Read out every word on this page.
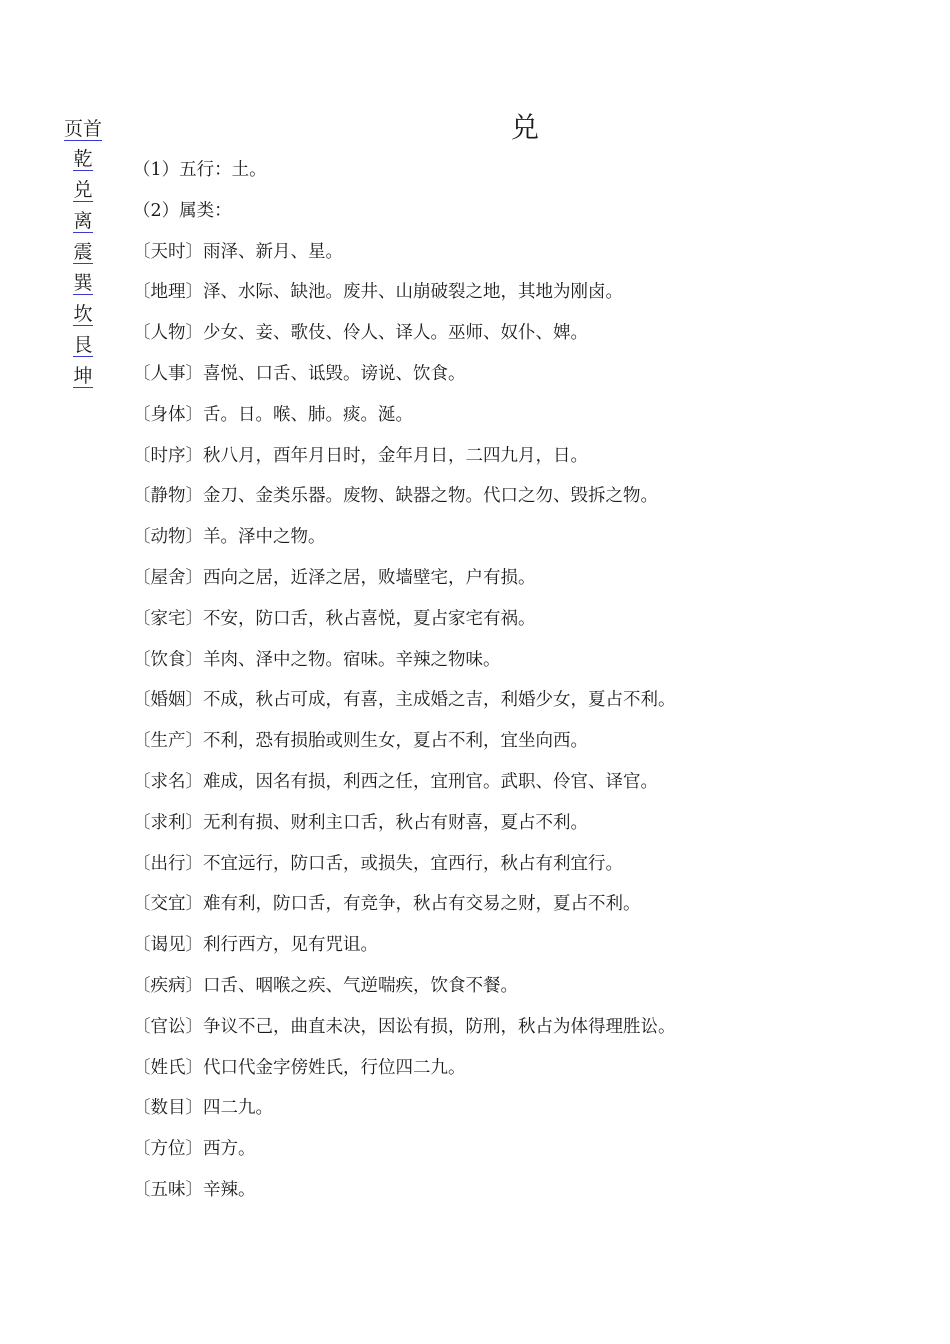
页首
乾
兑
离
震
巽
坎
艮
坤
兑
（1）五行：土。
（2）属类：
〔天时〕雨泽、新月、星。
〔地理〕泽、水际、缺池。废井、山崩破裂之地，其地为刚卤。
〔人物〕少女、妾、歌伎、伶人、译人。巫师、奴仆、婢。
〔人事〕喜悦、口舌、诋毁。谤说、饮食。
〔身体〕舌。日。喉、肺。痰。涎。
〔时序〕秋八月，酉年月日时，金年月日，二四九月，日。
〔静物〕金刀、金类乐器。废物、缺器之物。代口之勿、毁拆之物。
〔动物〕羊。泽中之物。
〔屋舍〕西向之居，近泽之居，败墙壁宅，户有损。
〔家宅〕不安，防口舌，秋占喜悦，夏占家宅有祸。
〔饮食〕羊肉、泽中之物。宿味。辛辣之物味。
〔婚姻〕不成，秋占可成，有喜，主成婚之吉，利婚少女，夏占不利。
〔生产〕不利，恐有损胎或则生女，夏占不利，宜坐向西。
〔求名〕难成，因名有损，利西之任，宜刑官。武职、伶官、译官。
〔求利〕无利有损、财利主口舌，秋占有财喜，夏占不利。
〔出行〕不宜远行，防口舌，或损失，宜西行，秋占有利宜行。
〔交宜〕难有利，防口舌，有竞争，秋占有交易之财，夏占不利。
〔谒见〕利行西方，见有咒诅。
〔疾病〕口舌、咽喉之疾、气逆喘疾，饮食不餐。
〔官讼〕争议不己，曲直未决，因讼有损，防刑，秋占为体得理胜讼。
〔姓氏〕代口代金字傍姓氏，行位四二九。
〔数目〕四二九。
〔方位〕西方。
〔五味〕辛辣。
